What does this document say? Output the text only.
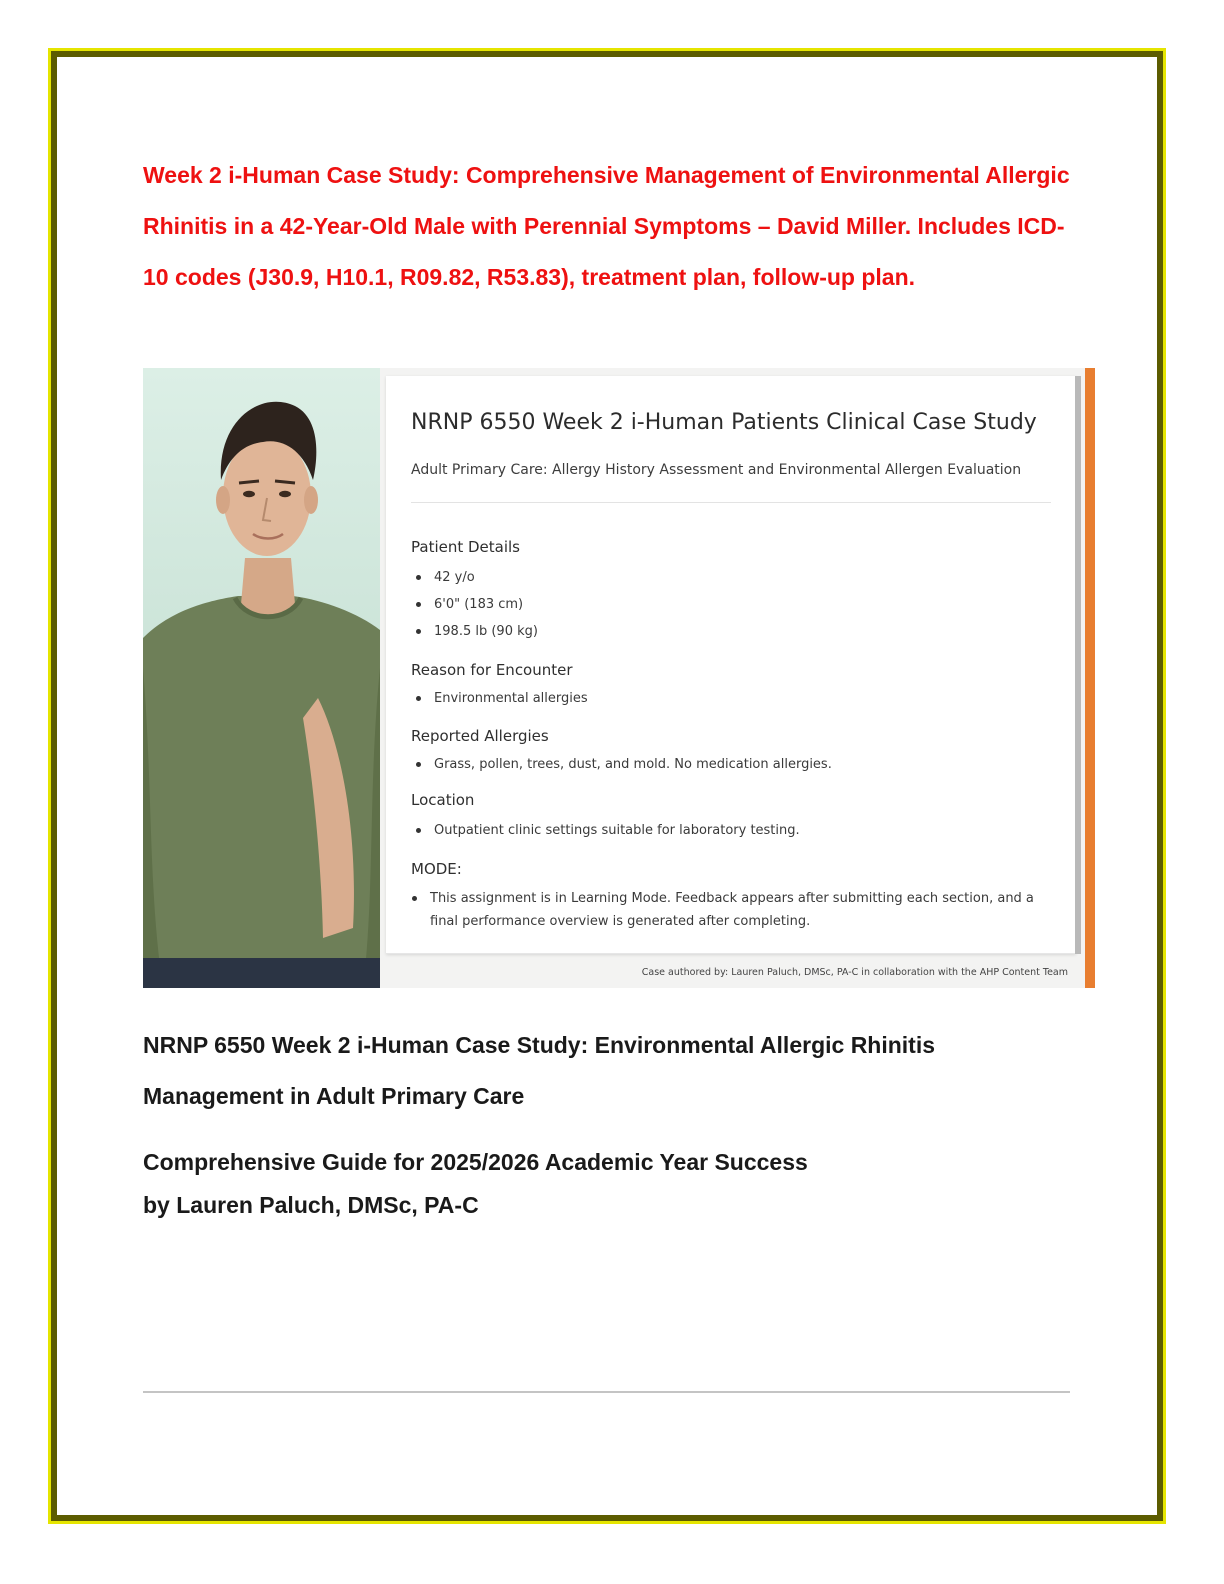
Week 2 i-Human Case Study: Comprehensive Management of Environmental Allergic Rhinitis in a 42-Year-Old Male with Perennial Symptoms – David Miller. Includes ICD-10 codes (J30.9, H10.1, R09.82, R53.83), treatment plan, follow-up plan.

NRNP 6550 Week 2 i-Human Patients Clinical Case Study

Adult Primary Care: Allergy History Assessment and Environmental Allergen Evaluation

Patient Details
42 y/o
6'0" (183 cm)
198.5 lb (90 kg)
Reason for Encounter
Environmental allergies
Reported Allergies
Grass, pollen, trees, dust, and mold. No medication allergies.
Location
Outpatient clinic settings suitable for laboratory testing.
MODE:
This assignment is in Learning Mode. Feedback appears after submitting each section, and a final performance overview is generated after completing.

Case authored by: Lauren Paluch, DMSc, PA-C in collaboration with the AHP Content Team

NRNP 6550 Week 2 i-Human Case Study: Environmental Allergic Rhinitis Management in Adult Primary Care

Comprehensive Guide for 2025/2026 Academic Year Success

by Lauren Paluch, DMSc, PA-C
